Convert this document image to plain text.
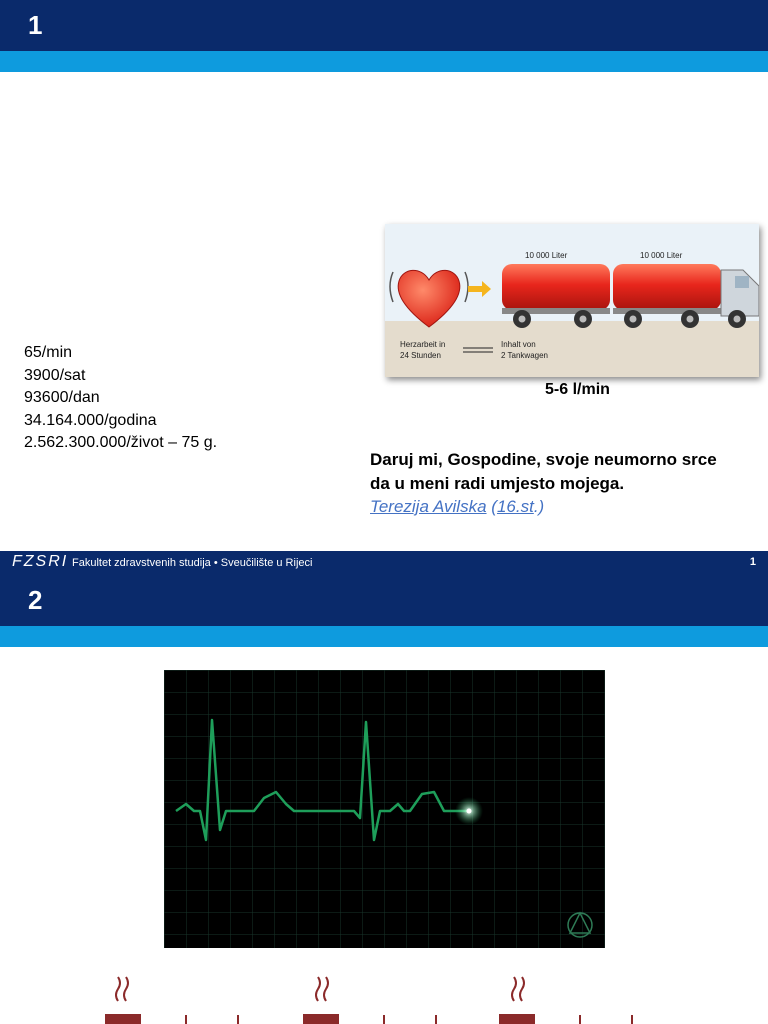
1
65/min
3900/sat
93600/dan
34.164.000/godina
2.562.300.000/život – 75 g.
10 000 Liter	10 000 Liter
Herzarbeit in
24 Stunden
Inhalt von
2 Tankwagen
5-6 l/min
Daruj mi, Gospodine, svoje neumorno srce
da u meni radi umjesto mojega.
Terezija Avilska (16.st.)
FZSRI Fakultet zdravstvenih studija • Sveučilište u Rijeci	1
2
